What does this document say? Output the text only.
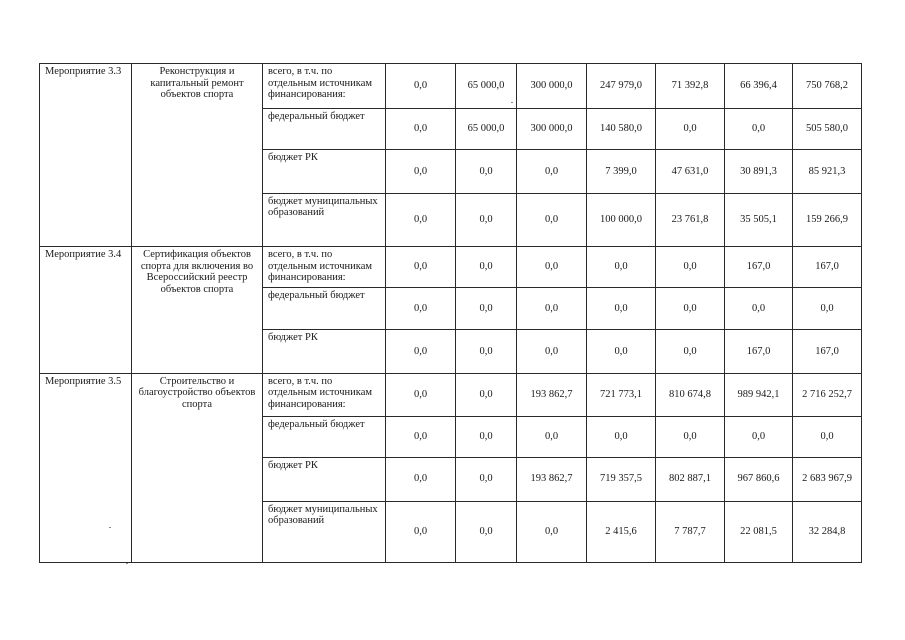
Мероприятие 3.3	Реконструкция и капитальный ремонт объектов спорта	всего, в т.ч. по отдельным источникам финансирования:	0,0	65 000,0	300 000,0	247 979,0	71 392,8	66 396,4	750 768,2
		федеральный бюджет	0,0	65 000,0	300 000,0	140 580,0	0,0	0,0	505 580,0
		бюджет РК	0,0	0,0	0,0	7 399,0	47 631,0	30 891,3	85 921,3
		бюджет муниципальных образований	0,0	0,0	0,0	100 000,0	23 761,8	35 505,1	159 266,9
Мероприятие 3.4	Сертификация объектов спорта для включения во Всероссийский реестр объектов спорта	всего, в т.ч. по отдельным источникам финансирования:	0,0	0,0	0,0	0,0	0,0	167,0	167,0
		федеральный бюджет	0,0	0,0	0,0	0,0	0,0	0,0	0,0
		бюджет РК	0,0	0,0	0,0	0,0	0,0	167,0	167,0
Мероприятие 3.5	Строительство и благоустройство объектов спорта	всего, в т.ч. по отдельным источникам финансирования:	0,0	0,0	193 862,7	721 773,1	810 674,8	989 942,1	2 716 252,7
		федеральный бюджет	0,0	0,0	0,0	0,0	0,0	0,0	0,0
		бюджет РК	0,0	0,0	193 862,7	719 357,5	802 887,1	967 860,6	2 683 967,9
		бюджет муниципальных образований	0,0	0,0	0,0	2 415,6	7 787,7	22 081,5	32 284,8
